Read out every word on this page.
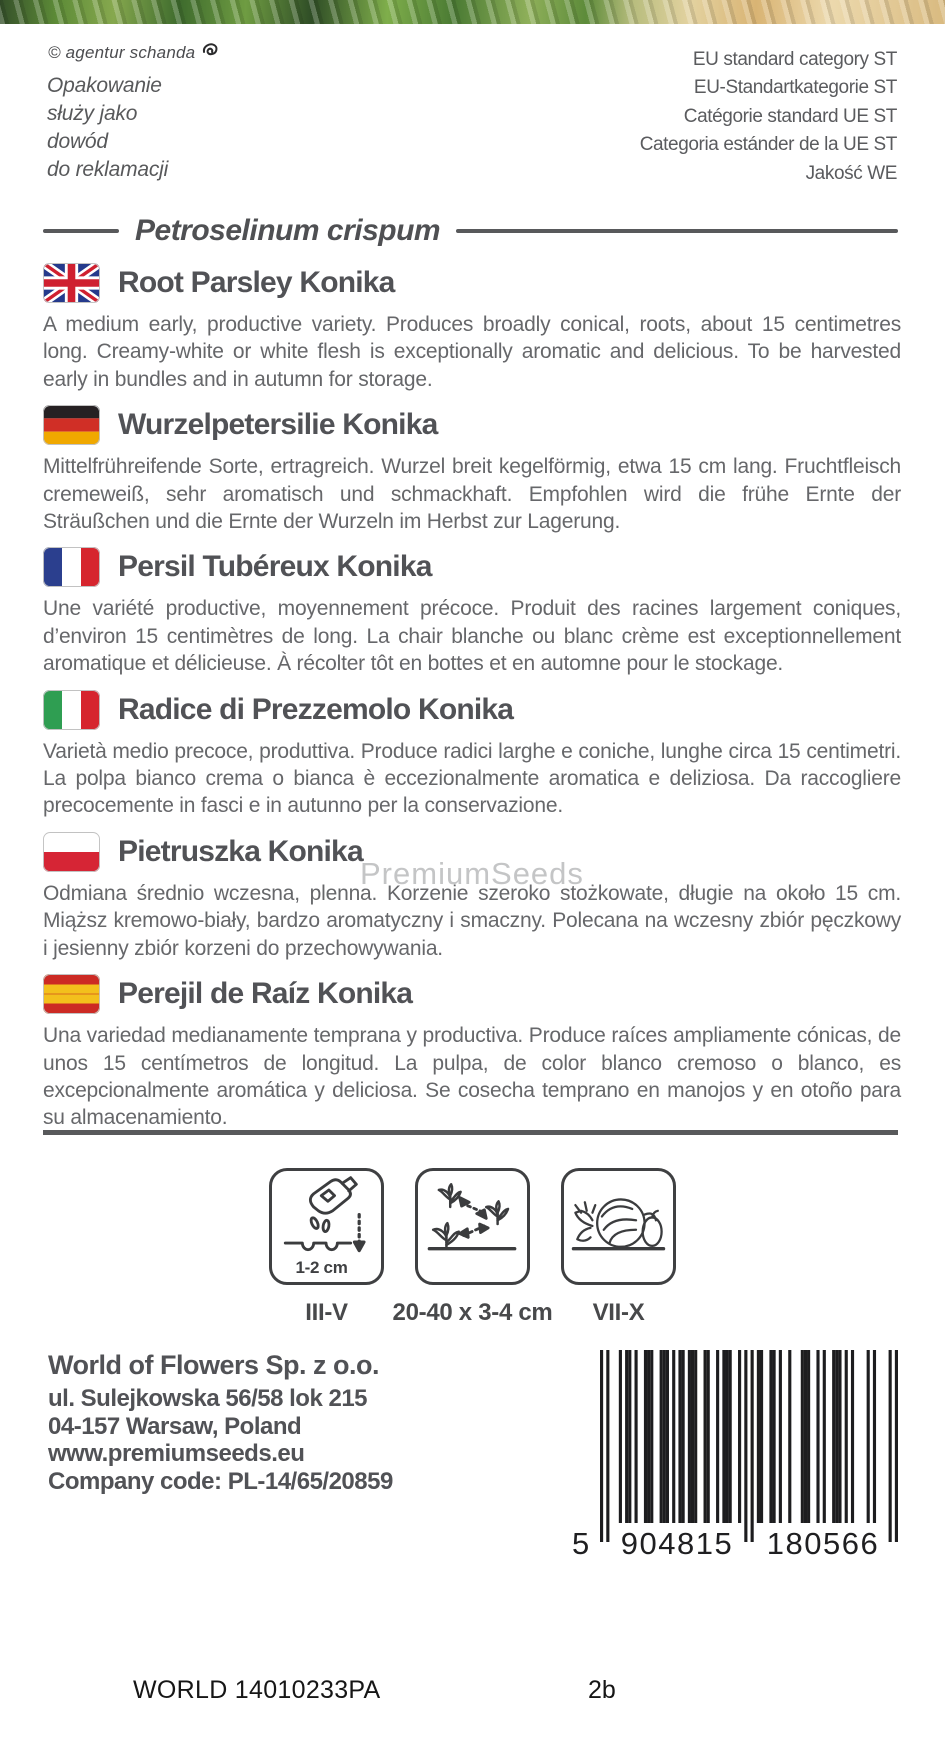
© agentur schanda
Opakowanie
służy jako
dowód
do reklamacji
EU standard category ST
EU-Standartkategorie ST
Catégorie standard UE ST
Categoria estánder de la UE ST
Jakość WE
Petroselinum crispum
Root Parsley Konika
A medium early, productive variety. Produces broadly conical, roots, about 15 centimetres long. Creamy-white or white flesh is exceptionally aromatic and delicious. To be harvested early in bundles and in autumn for storage.
Wurzelpetersilie Konika
Mittelfrühreifende Sorte, ertragreich. Wurzel breit kegelförmig, etwa 15 cm lang. Fruchtfleisch cremeweiß, sehr aromatisch und schmackhaft. Empfohlen wird die frühe Ernte der Sträußchen und die Ernte der Wurzeln im Herbst zur Lagerung.
Persil Tubéreux Konika
Une variété productive, moyennement précoce. Produit des racines largement coniques, d’environ 15 centimètres de long. La chair blanche ou blanc crème est exceptionnellement aromatique et délicieuse. À récolter tôt en bottes et en automne pour le stockage.
Radice di Prezzemolo Konika
Varietà medio precoce, produttiva. Produce radici larghe e coniche, lunghe circa 15 centimetri. La polpa bianco crema o bianca è eccezionalmente aromatica e deliziosa. Da raccogliere precocemente in fasci e in autunno per la conservazione.
Pietruszka Konika
Odmiana średnio wczesna, plenna. Korzenie szeroko stożkowate, długie na około 15 cm. Miąższ kremowo-biały, bardzo aromatyczny i smaczny. Polecana na wczesny zbiór pęczkowy i jesienny zbiór korzeni do przechowywania.
Perejil de Raíz Konika
Una variedad medianamente temprana y productiva. Produce raíces ampliamente cónicas, de unos 15 centímetros de longitud. La pulpa, de color blanco cremoso o blanco, es excepcionalmente aromática y deliciosa. Se cosecha temprano en manojos y en otoño para su almacenamiento.
PremiumSeeds
1-2 cm
III-V 20-40 x 3-4 cm VII-X
World of Flowers Sp. z o.o.
ul. Sulejkowska 56/58 lok 215
04-157 Warsaw, Poland
www.premiumseeds.eu
Company code: PL-14/65/20859
5 904815 180566
WORLD 14010233PA	2b
